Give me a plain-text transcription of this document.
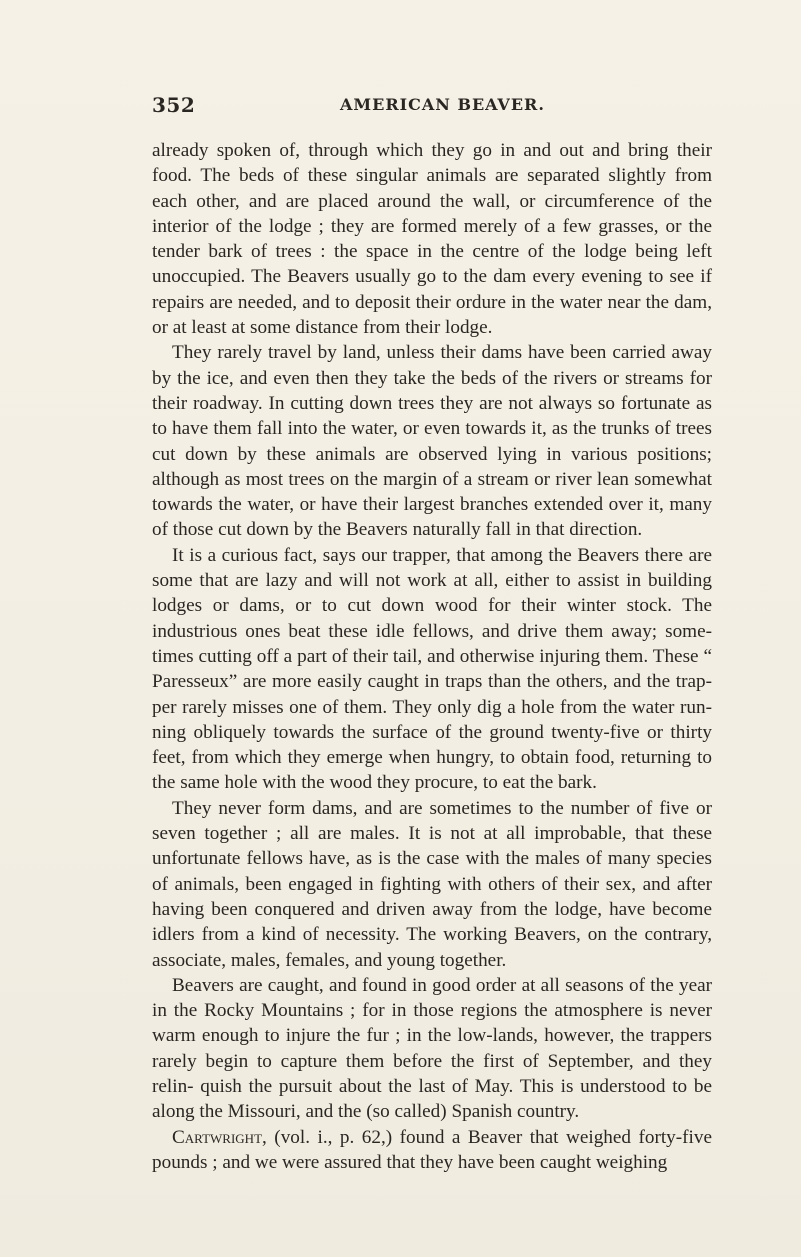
352	AMERICAN BEAVER.

already spoken of, through which they go in and out and bring their food. The beds of these singular animals are separated slightly from each other, and are placed around the wall, or circumference of the interior of the lodge ; they are formed merely of a few grasses, or the tender bark of trees : the space in the centre of the lodge being left unoccupied. The Beavers usually go to the dam every evening to see if repairs are needed, and to deposit their ordure in the water near the dam, or at least at some distance from their lodge.

They rarely travel by land, unless their dams have been carried away by the ice, and even then they take the beds of the rivers or streams for their roadway. In cutting down trees they are not always so fortunate as to have them fall into the water, or even towards it, as the trunks of trees cut down by these animals are observed lying in various positions; although as most trees on the margin of a stream or river lean somewhat towards the water, or have their largest branches extended over it, many of those cut down by the Beavers naturally fall in that direction.

It is a curious fact, says our trapper, that among the Beavers there are some that are lazy and will not work at all, either to assist in building lodges or dams, or to cut down wood for their winter stock. The industrious ones beat these idle fellows, and drive them away; some- times cutting off a part of their tail, and otherwise injuring them. These “ Paresseux” are more easily caught in traps than the others, and the trap- per rarely misses one of them. They only dig a hole from the water run- ning obliquely towards the surface of the ground twenty-five or thirty feet, from which they emerge when hungry, to obtain food, returning to the same hole with the wood they procure, to eat the bark.

They never form dams, and are sometimes to the number of five or seven together ; all are males. It is not at all improbable, that these unfortunate fellows have, as is the case with the males of many species of animals, been engaged in fighting with others of their sex, and after having been conquered and driven away from the lodge, have become idlers from a kind of necessity. The working Beavers, on the contrary, associate, males, females, and young together.

Beavers are caught, and found in good order at all seasons of the year in the Rocky Mountains ; for in those regions the atmosphere is never warm enough to injure the fur ; in the low-lands, however, the trappers rarely begin to capture them before the first of September, and they relin- quish the pursuit about the last of May. This is understood to be along the Missouri, and the (so called) Spanish country.

Cartwright, (vol. i., p. 62,) found a Beaver that weighed forty-five pounds ; and we were assured that they have been caught weighing
